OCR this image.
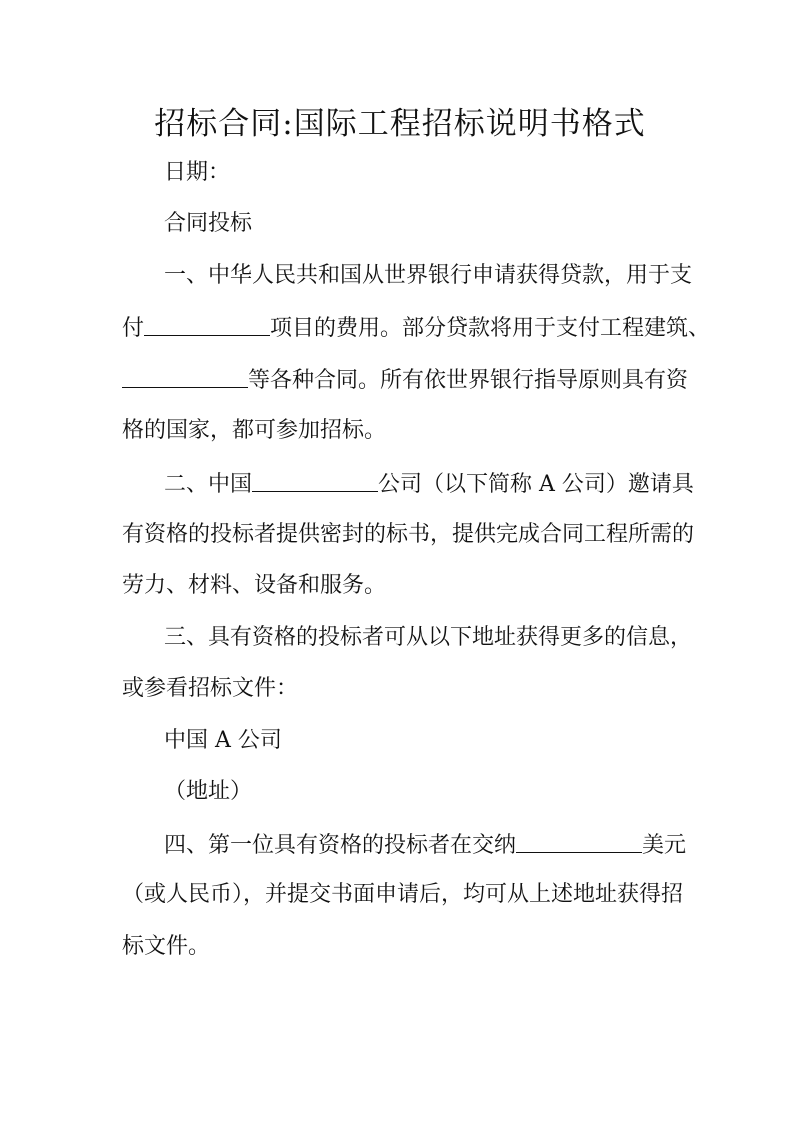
招标合同:国际工程招标说明书格式

日期：

合同投标

一、中华人民共和国从世界银行申请获得贷款，用于支

付	项目的费用。部分贷款将用于支付工程建筑、

等各种合同。所有依世界银行指导原则具有资

格的国家，都可参加招标。

二、中国	公司（以下简称 A 公司）邀请具

有资格的投标者提供密封的标书，提供完成合同工程所需的

劳力、材料、设备和服务。

三、具有资格的投标者可从以下地址获得更多的信息，

或参看招标文件：

中国 A 公司

（地址）

四、第一位具有资格的投标者在交纳	美元

（或人民币），并提交书面申请后，均可从上述地址获得招

标文件。
